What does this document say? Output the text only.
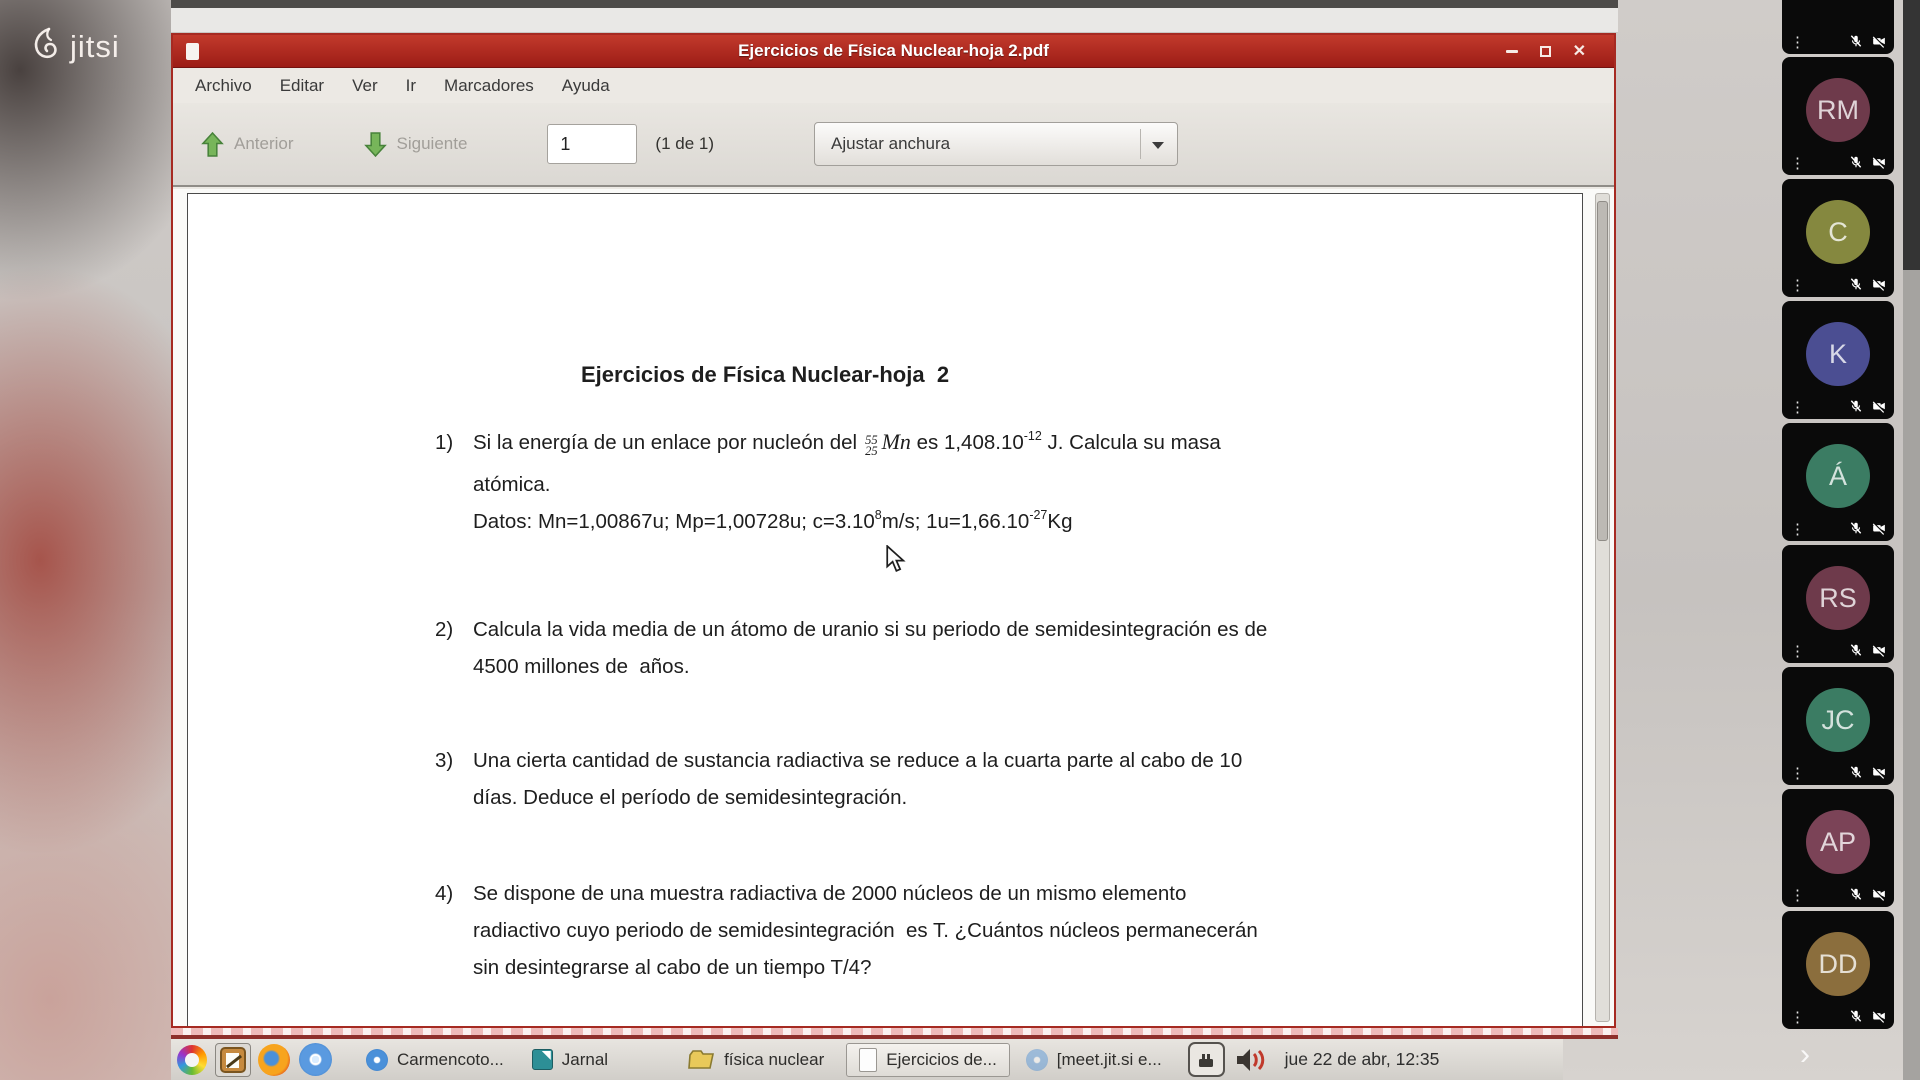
jitsi	Ejercicios de Física Nuclear-hoja 2.pdf	✕
Archivo	Editar	Ver	Ir	Marcadores	Ayuda
Anterior	Siguiente
1	(1 de 1)	Ajustar anchura
Ejercicios de Física Nuclear-hoja  2
1) Si la energía de un enlace por nucleón del 55
25 Mn es $1,408.10^{-12}$ J. Calcula su masa
atómica.
Datos: Mn=1,00867u; Mp=1,00728u; $c=3.10^8m/s$; $1u=1,66.10^{-27}Kg$
2) Calcula la vida media de un átomo de uranio si su periodo de semidesintegración es de
4500 millones de  años.
3) Una cierta cantidad de sustancia radiactiva se reduce a la cuarta parte al cabo de 10
días. Deduce el período de semidesintegración.
4) Se dispone de una muestra radiactiva de 2000 núcleos de un mismo elemento
radiactivo cuyo periodo de semidesintegración  es T. ¿Cuántos núcleos permanecerán
sin desintegrarse al cabo de un tiempo T/4?
Carmencoto...	Jarnal	física nuclear	Ejercicios de...	[meet.jit.si e...	jue 22 de abr, 12:35
⋮
RM
⋮
C
⋮
K
⋮
Á
⋮
RS
⋮
JC
⋮
AP
⋮
DD
⋮
›
